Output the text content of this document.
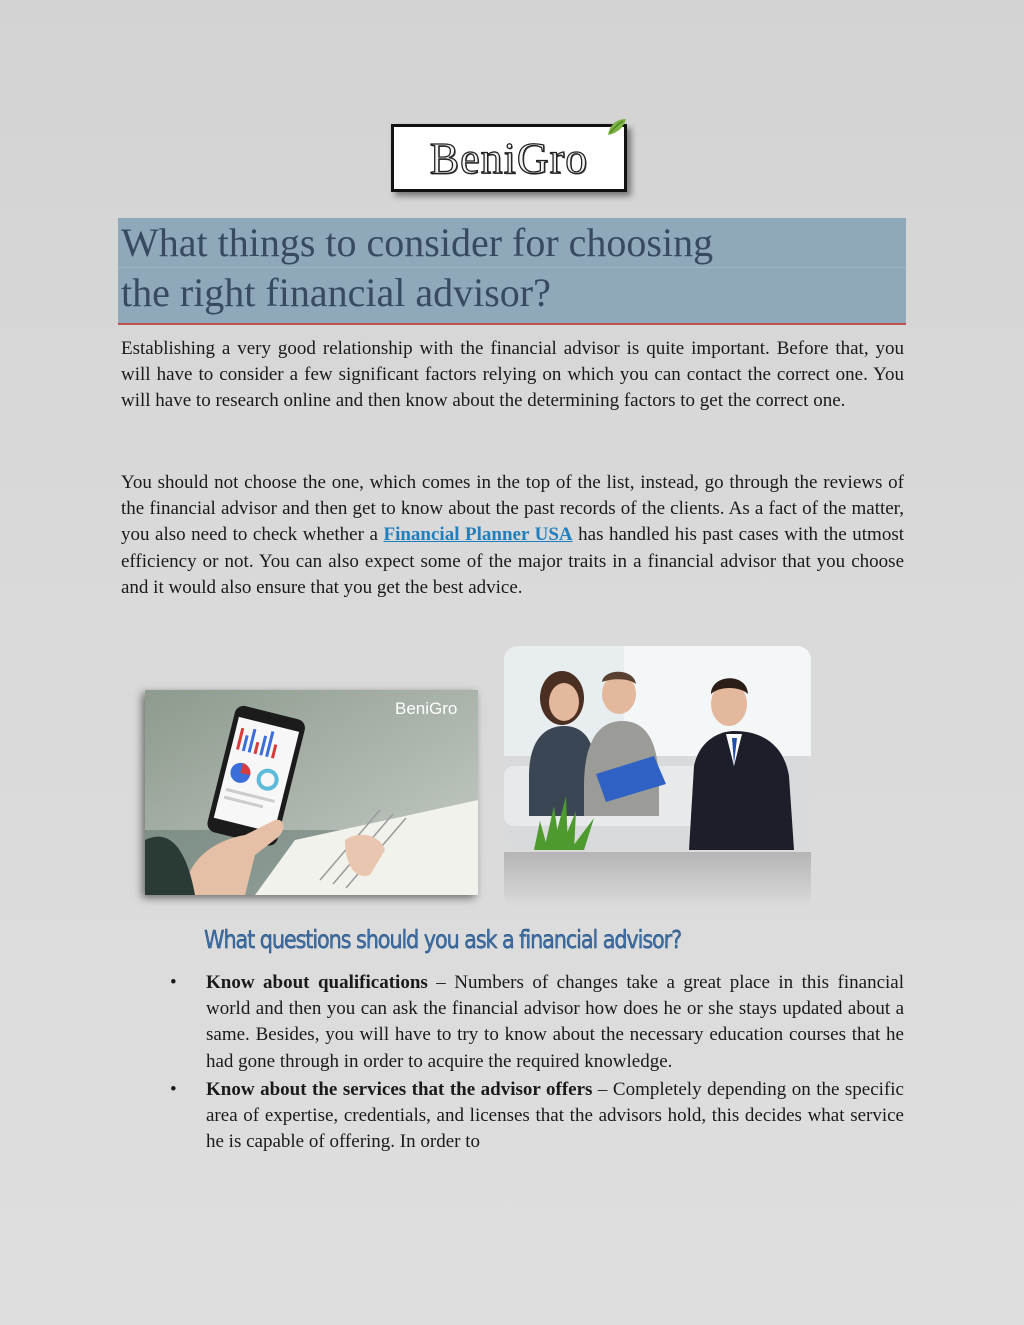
BeniGro
What things to consider for choosing
the right financial advisor?

Establishing a very good relationship with the financial advisor is quite important. Before that, you will have to consider a few significant factors relying on which you can contact the correct one. You will have to research online and then know about the determining factors to get the correct one.

You should not choose the one, which comes in the top of the list, instead, go through the reviews of the financial advisor and then get to know about the past records of the clients. As a fact of the matter, you also need to check whether a Financial Planner USA has handled his past cases with the utmost efficiency or not. You can also expect some of the major traits in a financial advisor that you choose and it would also ensure that you get the best advice.

BeniGro
What questions should you ask a financial advisor?
•	Know about qualifications – Numbers of changes take a great place in this financial world and then you can ask the financial advisor how does he or she stays updated about a same. Besides, you will have to try to know about the necessary education courses that he had gone through in order to acquire the required knowledge.
•	Know about the services that the advisor offers – Completely depending on the specific area of expertise, credentials, and licenses that the advisors hold, this decides what service he is capable of offering. In order to
